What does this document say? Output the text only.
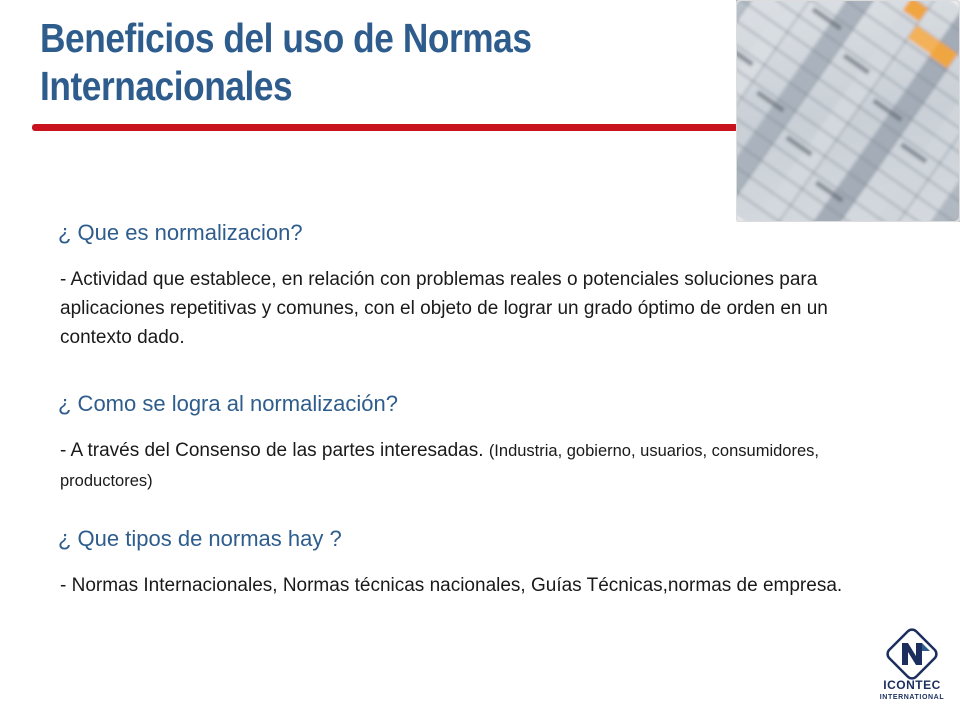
Beneficios del uso de Normas Internacionales
¿ Que es normalizacion?
- Actividad que establece, en relación con problemas reales o potenciales soluciones para aplicaciones repetitivas y comunes, con el objeto de lograr un grado óptimo de orden en un contexto dado.
¿ Como se logra al normalización?
- A través del Consenso de las partes interesadas. (Industria, gobierno, usuarios, consumidores, productores)
¿ Que tipos de normas hay ?
- Normas Internacionales, Normas técnicas nacionales, Guías Técnicas,normas de empresa.
ICONTEC
INTERNATIONAL
